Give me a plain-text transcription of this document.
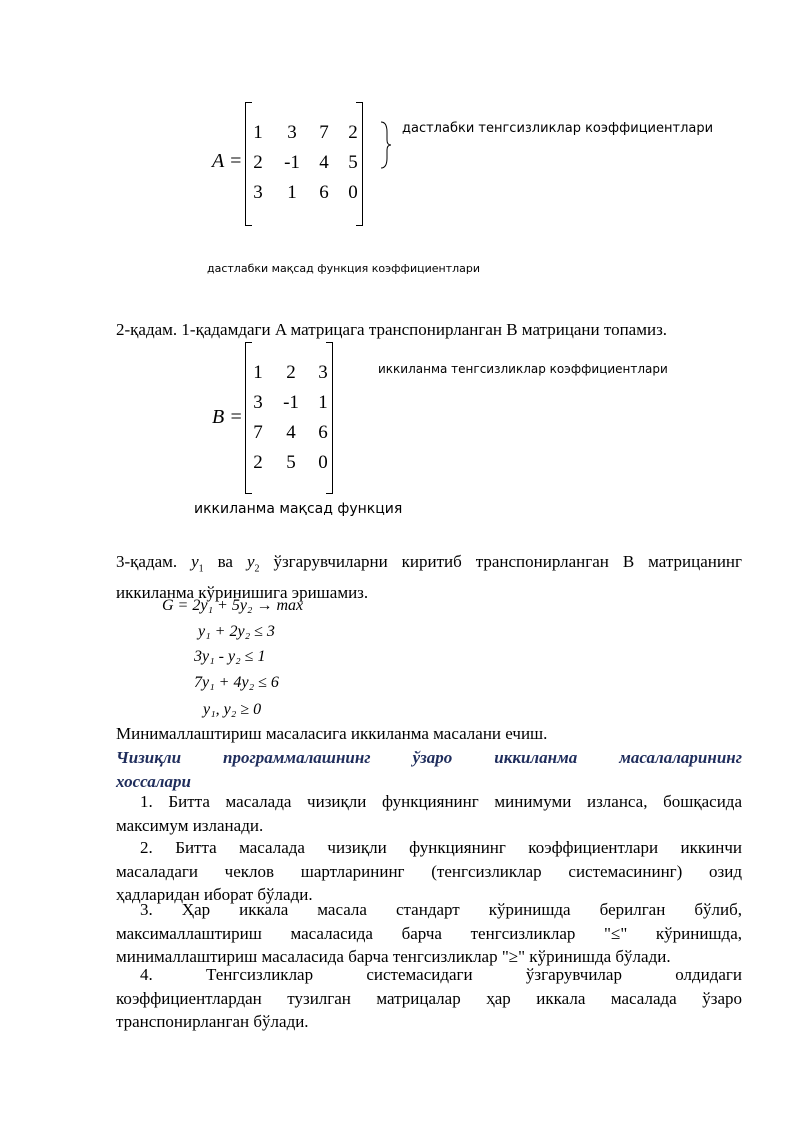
A =
1	3	7	2
2	-1	4	5
3	1	6	0
дастлабки тенгсизликлар коэффициентлари
дастлабки мақсад функция коэффициентлари
2-қадам. 1-қадамдаги A матрицага транспонирланган B матрицани топамиз.
B =
1	2	3
3	-1	1
7	4	6
2	5	0
иккиланма тенгсизликлар коэффициентлари
иккиланма мақсад функция
3-қадам. $y_1$ ва $y_2$ ўзгарувчиларни киритиб транспонирланган B матрицанинг
иккиланма кўринишига эришамиз.
G = 2y₁ + 5y₂ → max
y₁ + 2y₂ ≤ 3
3y₁ - y₂ ≤ 1
7y₁ + 4y₂ ≤ 6
y₁, y₂ ≥ 0
Минималлаштириш масаласига иккиланма масалани ечиш.
Чизиқли программалашнинг ўзаро иккиланма масалаларининг
хоссалари
1. Битта масалада чизиқли функциянинг минимуми изланса, бошқасида
максимум изланади.
2. Битта масалада чизиқли функциянинг коэффициентлари иккинчи
масаладаги чеклов шартларининг (тенгсизликлар системасининг) озид
ҳадларидан иборат бўлади.
3. Ҳар иккала масала стандарт кўринишда берилган бўлиб,
максималлаштириш масаласида барча тенгсизликлар "≤" кўринишда,
минималлаштириш масаласида барча тенгсизликлар "≥" кўринишда бўлади.
4.	Тенгсизликлар системасидаги ўзгарувчилар олдидаги
коэффициентлардан тузилган матрицалар ҳар иккала масалада ўзаро
транспонирланган бўлади.
